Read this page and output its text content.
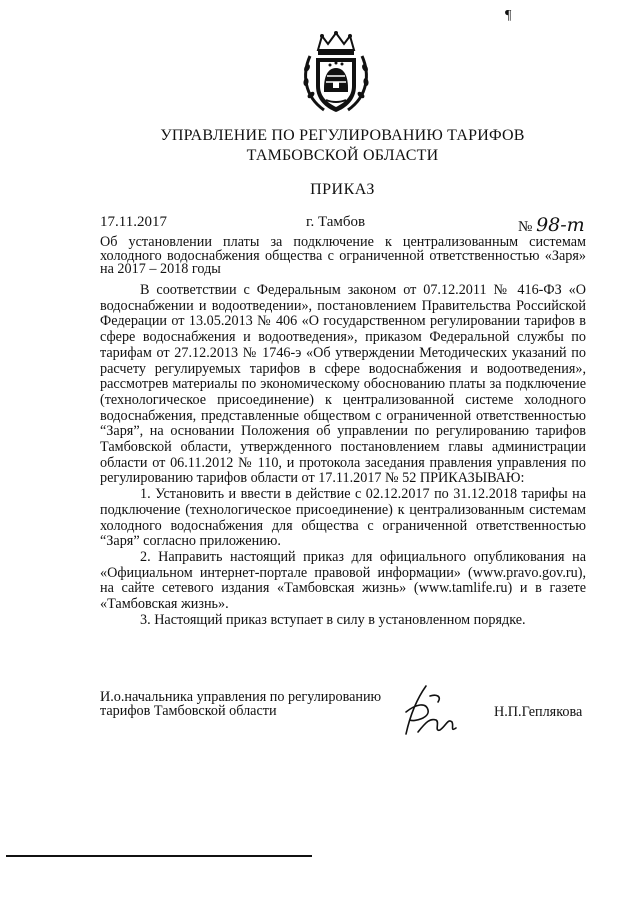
¶
УПРАВЛЕНИЕ ПО РЕГУЛИРОВАНИЮ ТАРИФОВ
ТАМБОВСКОЙ ОБЛАСТИ
ПРИКАЗ
17.11.2017	г. Тамбов	№ 98-т
Об установлении платы за подключение к централизованным системам холодного водоснабжения общества с ограниченной ответственностью «Заря» на 2017 – 2018 годы

В соответствии с Федеральным законом от 07.12.2011 № 416-ФЗ «О водоснабжении и водоотведении», постановлением Правительства Российской Федерации от 13.05.2013 № 406 «О государственном регулировании тарифов в сфере водоснабжения и водоотведения», приказом Федеральной службы по тарифам от 27.12.2013 № 1746-э «Об утверждении Методических указаний по расчету регулируемых тарифов в сфере водоснабжения и водоотведения», рассмотрев материалы по экономическому обоснованию платы за подключение (технологическое присоединение) к централизованной системе холодного водоснабжения, представленные обществом с ограниченной ответственностью “Заря”, на основании Положения об управлении по регулированию тарифов Тамбовской области, утвержденного постановлением главы администрации области от 06.11.2012 № 110, и протокола заседания правления управления по регулированию тарифов области от 17.11.2017 № 52 ПРИКАЗЫВАЮ:

1. Установить и ввести в действие с 02.12.2017 по 31.12.2018 тарифы на подключение (технологическое присоединение) к централизованным системам холодного водоснабжения для общества с ограниченной ответственностью “Заря” согласно приложению.

2. Направить настоящий приказ для официального опубликования на «Официальном интернет-портале правовой информации» (www.pravo.gov.ru), на сайте сетевого издания «Тамбовская жизнь» (www.tamlife.ru) и в газете «Тамбовская жизнь».

3. Настоящий приказ вступает в силу в установленном порядке.

И.о.начальника управления по регулированию
тарифов Тамбовской области	Н.П.Геплякова
